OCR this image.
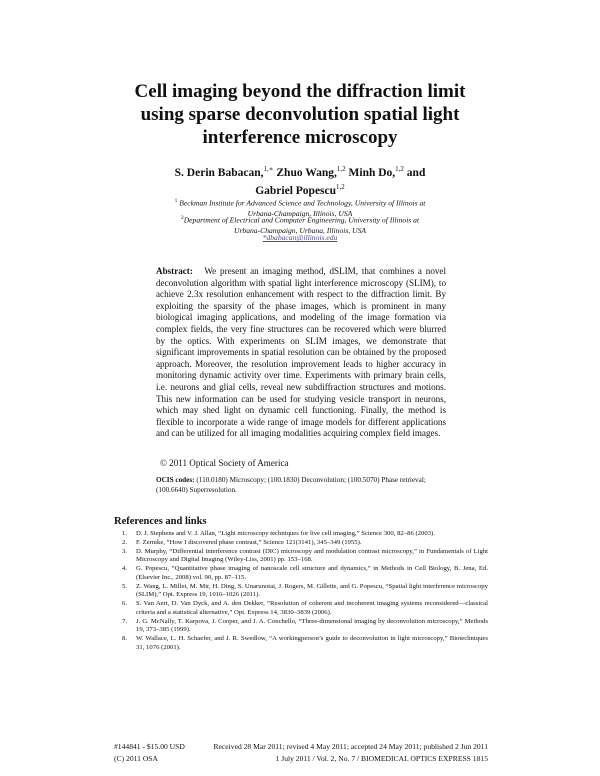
Cell imaging beyond the diffraction limit
using sparse deconvolution spatial light
interference microscopy
S. Derin Babacan,$^{1,∗}$ Zhuo Wang,$^{1,2}$ Minh Do,$^{1,2}$ and
Gabriel Popescu$^{1,2}$
$^1$ Beckman Institute for Advanced Science and Technology, University of Illinois at
Urbana-Champaign, Illinois, USA
$^2$Department of Electrical and Computer Engineering, University of Illinois at
Urbana-Champaign, Urbana, Illinois, USA
*dbabacan@illinois.edu
Abstract: We present an imaging method, dSLIM, that combines a novel deconvolution algorithm with spatial light interference microscopy (SLIM), to achieve 2.3x resolution enhancement with respect to the diffraction limit. By exploiting the sparsity of the phase images, which is prominent in many biological imaging applications, and modeling of the image formation via complex fields, the very fine structures can be recovered which were blurred by the optics. With experiments on SLIM images, we demonstrate that significant improvements in spatial resolution can be obtained by the proposed approach. Moreover, the resolution improvement leads to higher accuracy in monitoring dynamic activity over time. Experiments with primary brain cells, i.e. neurons and glial cells, reveal new subdiffraction structures and motions. This new information can be used for studying vesicle transport in neurons, which may shed light on dynamic cell functioning. Finally, the method is flexible to incorporate a wide range of image models for different applications and can be utilized for all imaging modalities acquiring complex field images.
© 2011 Optical Society of America
OCIS codes: (110.0180) Microscopy; (100.1830) Deconvolution; (100.5070) Phase retrieval; (100.6640) Superresolution.
References and links
1. D. J. Stephens and V. J. Allan, “Light microscopy techniques for live cell imaging,” Science 300, 82–86 (2003).
2. F. Zernike, “How I discovered phase contrast,” Science 121(3141), 345–349 (1955).
3. D. Murphy, “Differential interference contrast (DIC) microscopy and modulation contrast microscopy,” in Fundamentals of Light Microscopy and Digital Imaging (Wiley-Liss, 2001) pp. 153–168.
4. G. Popescu, “Quantitative phase imaging of nanoscale cell structure and dynamics,” in Methods in Cell Biology, B. Jena, Ed. (Elsevier Inc., 2008) vol. 90, pp. 87–115.
5. Z. Wang, L. Millet, M. Mir, H. Ding, S. Unarunotai, J. Rogers, M. Gillette, and G. Popescu, “Spatial light interference microscopy (SLIM),” Opt. Express 19, 1016–1026 (2011).
6. S. Van Aert, D. Van Dyck, and A. den Dekker, “Resolution of coherent and incoherent imaging systems reconsidered—classical criteria and a statistical alternative,” Opt. Express 14, 3830–3839 (2006).
7. J. G. McNally, T. Karpova, J. Cooper, and J. A. Conchello, “Three-dimensional imaging by deconvolution microscopy,” Methods 19, 373–385 (1999).
8. W. Wallace, L. H. Schaefer, and J. R. Swedlow, “A workingperson’s guide to deconvolution in light microscopy,” Biotechniques 31, 1076 (2001).
#144841 - $15.00 USD	Received 28 Mar 2011; revised 4 May 2011; accepted 24 May 2011; published 2 Jun 2011
(C) 2011 OSA	1 July 2011 / Vol. 2, No. 7 / BIOMEDICAL OPTICS EXPRESS 1815
